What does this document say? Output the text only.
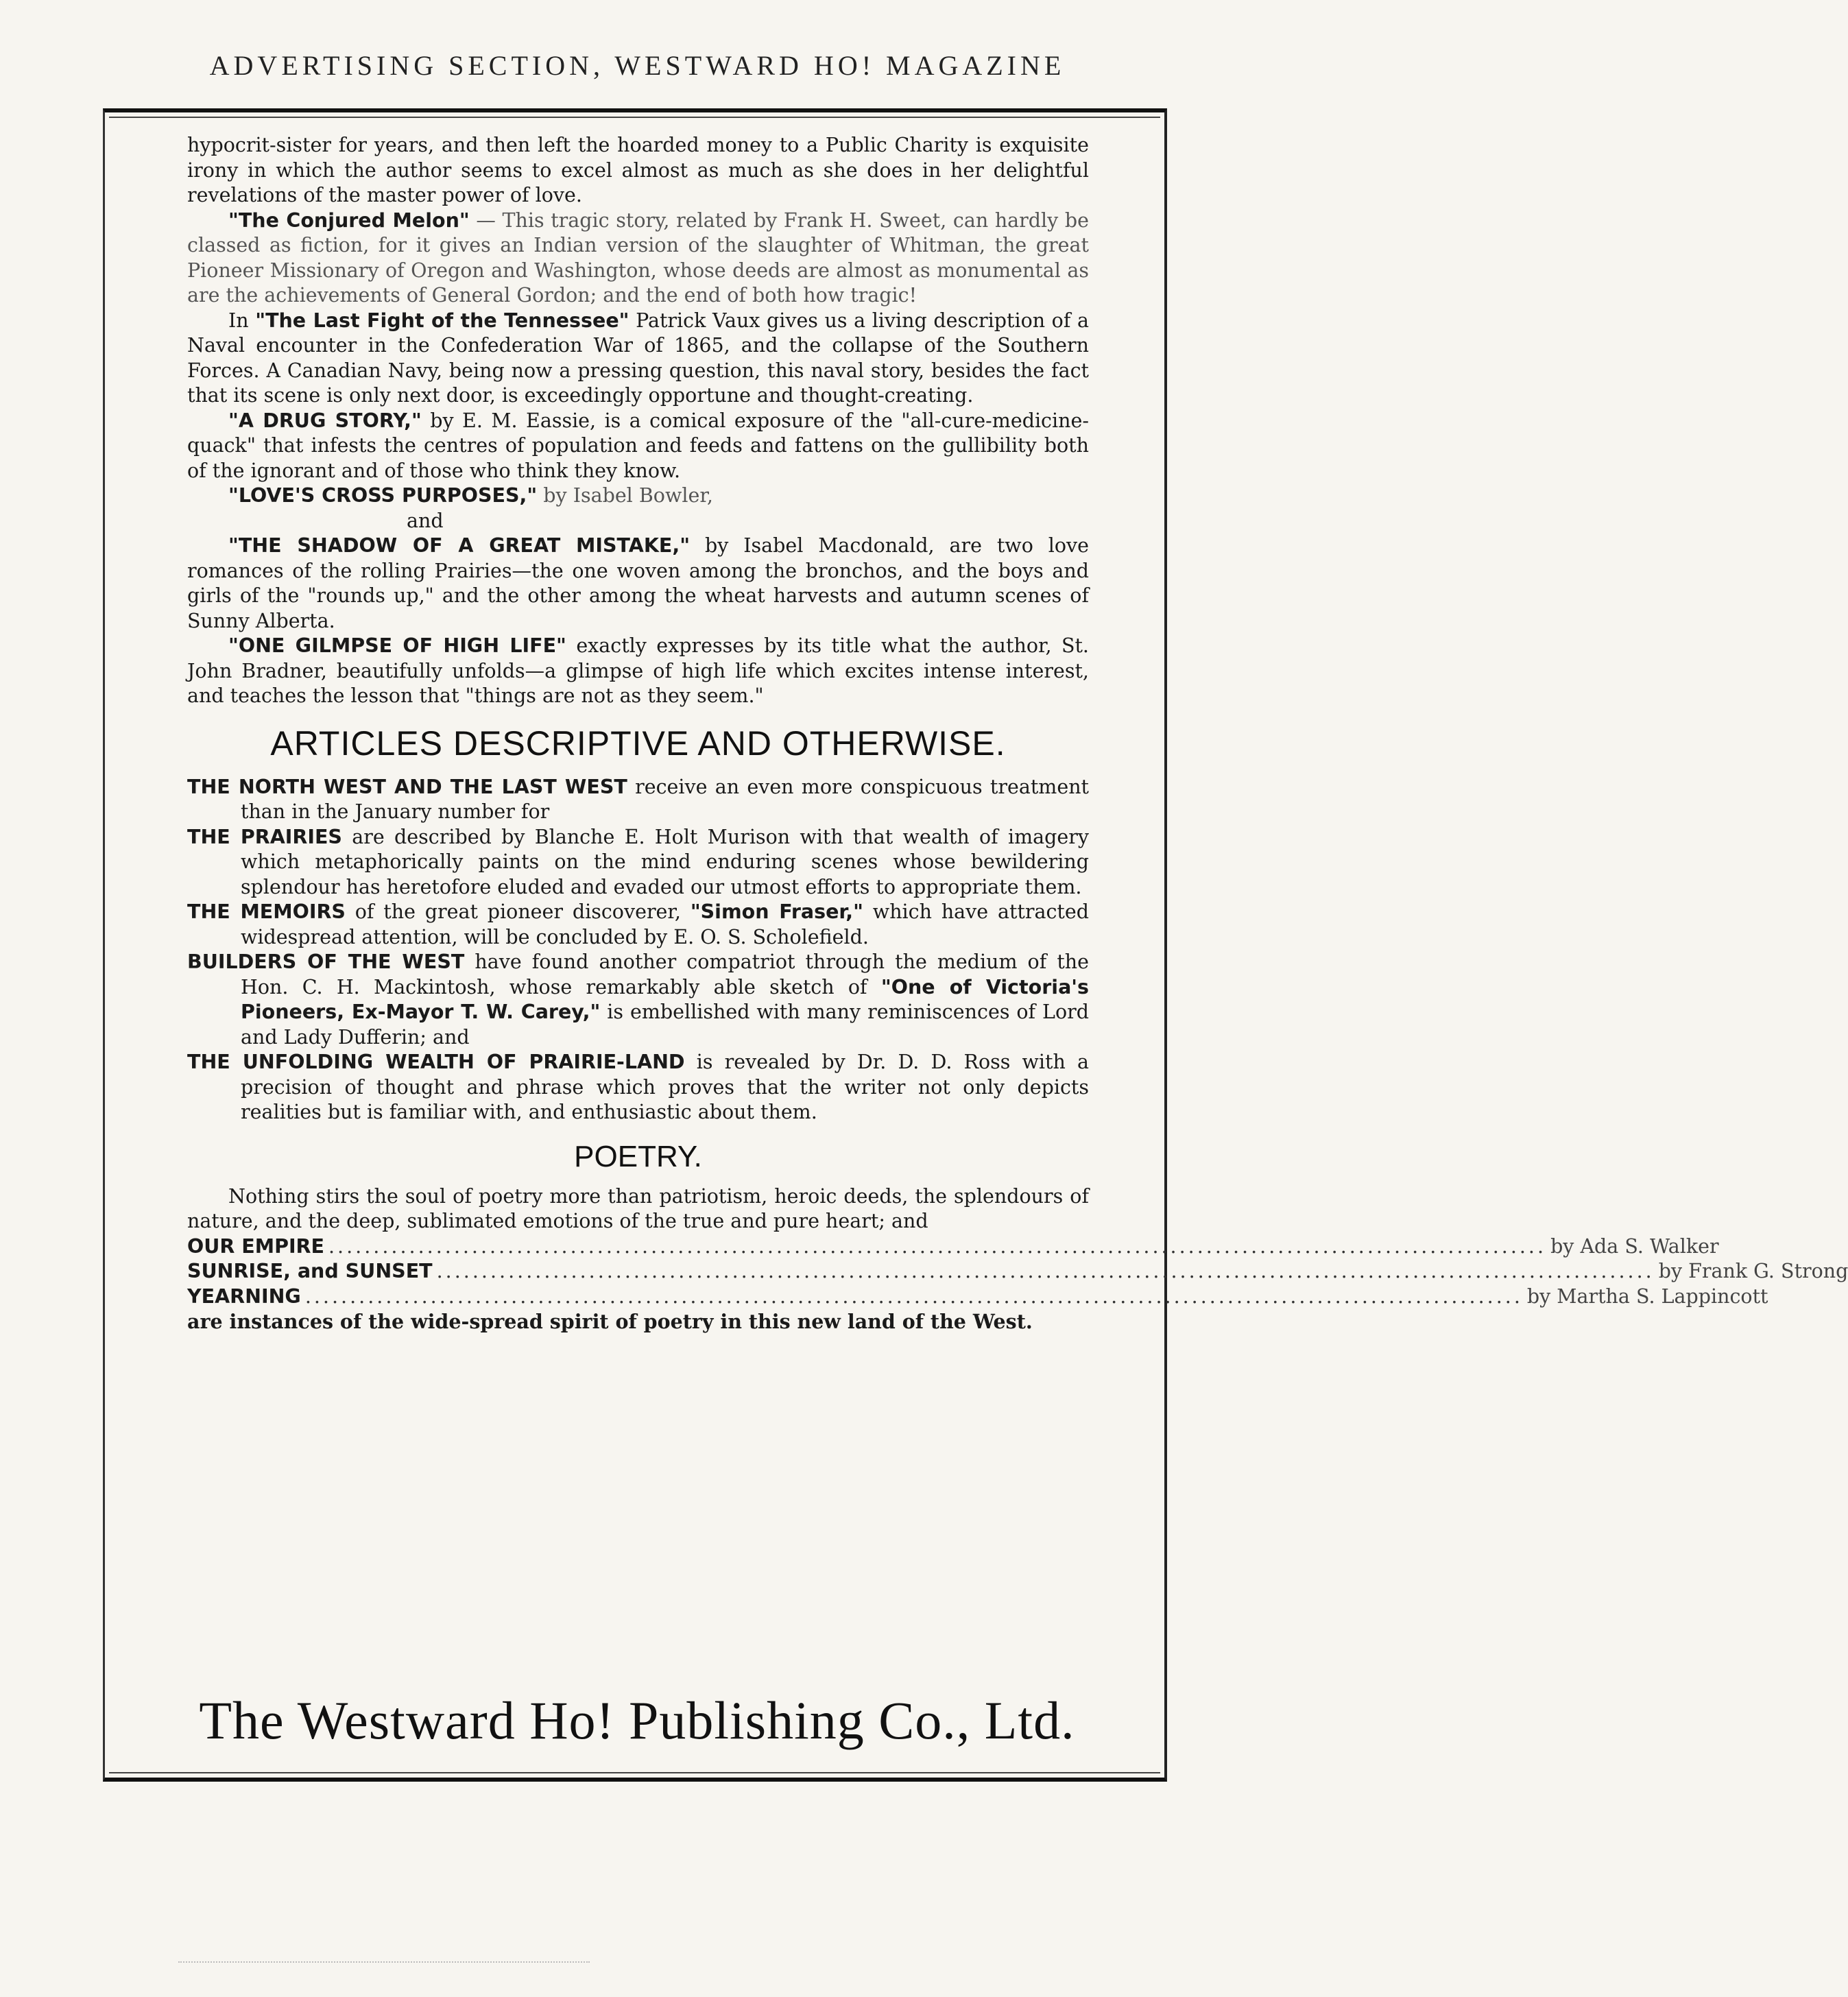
ADVERTISING SECTION, WESTWARD HO! MAGAZINE

hypocrit-sister for years, and then left the hoarded money to a Public Charity is exquisite irony in which the author seems to excel almost as much as she does in her delightful revelations of the master power of love.

"The Conjured Melon" — This tragic story, related by Frank H. Sweet, can hardly be classed as fiction, for it gives an Indian version of the slaughter of Whitman, the great Pioneer Missionary of Oregon and Washington, whose deeds are almost as monumental as are the achievements of General Gordon; and the end of both how tragic!

In "The Last Fight of the Tennessee" Patrick Vaux gives us a living description of a Naval encounter in the Confederation War of 1865, and the collapse of the Southern Forces. A Canadian Navy, being now a pressing question, this naval story, besides the fact that its scene is only next door, is exceedingly opportune and thought-creating.

"A DRUG STORY," by E. M. Eassie, is a comical exposure of the "all-cure-medicine-quack" that infests the centres of population and feeds and fattens on the gullibility both of the ignorant and of those who think they know.

"LOVE'S CROSS PURPOSES," by Isabel Bowler,

and

"THE SHADOW OF A GREAT MISTAKE," by Isabel Macdonald, are two love romances of the rolling Prairies—the one woven among the bronchos, and the boys and girls of the "rounds up," and the other among the wheat harvests and autumn scenes of Sunny Alberta.

"ONE GILMPSE OF HIGH LIFE" exactly expresses by its title what the author, St. John Bradner, beautifully unfolds—a glimpse of high life which excites intense interest, and teaches the lesson that "things are not as they seem."

ARTICLES DESCRIPTIVE AND OTHERWISE.

THE NORTH WEST AND THE LAST WEST receive an even more conspicuous treatment than in the January number for

THE PRAIRIES are described by Blanche E. Holt Murison with that wealth of imagery which metaphorically paints on the mind enduring scenes whose bewildering splendour has heretofore eluded and evaded our utmost efforts to appropriate them.

THE MEMOIRS of the great pioneer discoverer, "Simon Fraser," which have attracted widespread attention, will be concluded by E. O. S. Scholefield.

BUILDERS OF THE WEST have found another compatriot through the medium of the Hon. C. H. Mackintosh, whose remarkably able sketch of "One of Victoria's Pioneers, Ex-Mayor T. W. Carey," is embellished with many reminiscences of Lord and Lady Dufferin; and

THE UNFOLDING WEALTH OF PRAIRIE-LAND is revealed by Dr. D. D. Ross with a precision of thought and phrase which proves that the writer not only depicts realities but is familiar with, and enthusiastic about them.

POETRY.

Nothing stirs the soul of poetry more than patriotism, heroic deeds, the splendours of nature, and the deep, sublimated emotions of the true and pure heart; and

OUR EMPIRE ........................................................................................................................................ by Ada S. Walker
SUNRISE, and SUNSET ........................................................................................................................................ by Frank G. Strong
YEARNING ........................................................................................................................................ by Martha S. Lappincott

are instances of the wide-spread spirit of poetry in this new land of the West.

The Westward Ho! Publishing Co., Ltd.
